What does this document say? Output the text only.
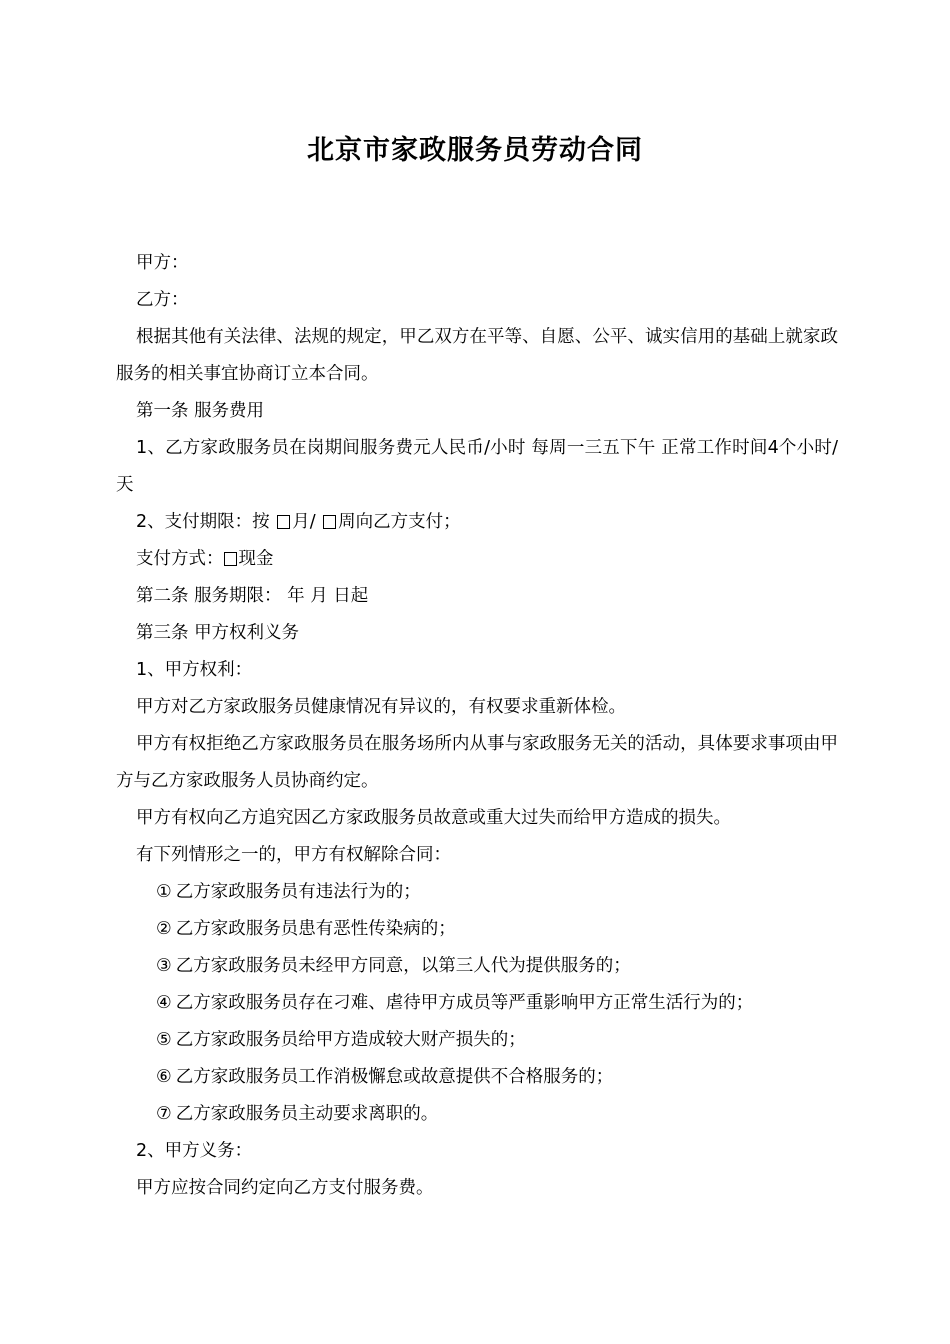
北京市家政服务员劳动合同

甲方：

乙方：

根据其他有关法律、法规的规定，甲乙双方在平等、自愿、公平、诚实信用的基础上就家政服务的相关事宜协商订立本合同。

第一条 服务费用

1、乙方家政服务员在岗期间服务费元人民币/小时 每周一三五下午 正常工作时间4个小时/天

2、支付期限：按 月/ 周向乙方支付；

支付方式： 现金

第二条 服务期限： 年 月 日起

第三条 甲方权利义务

1、甲方权利：

甲方对乙方家政服务员健康情况有异议的，有权要求重新体检。

甲方有权拒绝乙方家政服务员在服务场所内从事与家政服务无关的活动，具体要求事项由甲方与乙方家政服务人员协商约定。

甲方有权向乙方追究因乙方家政服务员故意或重大过失而给甲方造成的损失。

有下列情形之一的，甲方有权解除合同：

① 乙方家政服务员有违法行为的；

② 乙方家政服务员患有恶性传染病的；

③ 乙方家政服务员未经甲方同意，以第三人代为提供服务的；

④ 乙方家政服务员存在刁难、虐待甲方成员等严重影响甲方正常生活行为的；

⑤ 乙方家政服务员给甲方造成较大财产损失的；

⑥ 乙方家政服务员工作消极懈怠或故意提供不合格服务的；

⑦ 乙方家政服务员主动要求离职的。

2、甲方义务：

甲方应按合同约定向乙方支付服务费。
